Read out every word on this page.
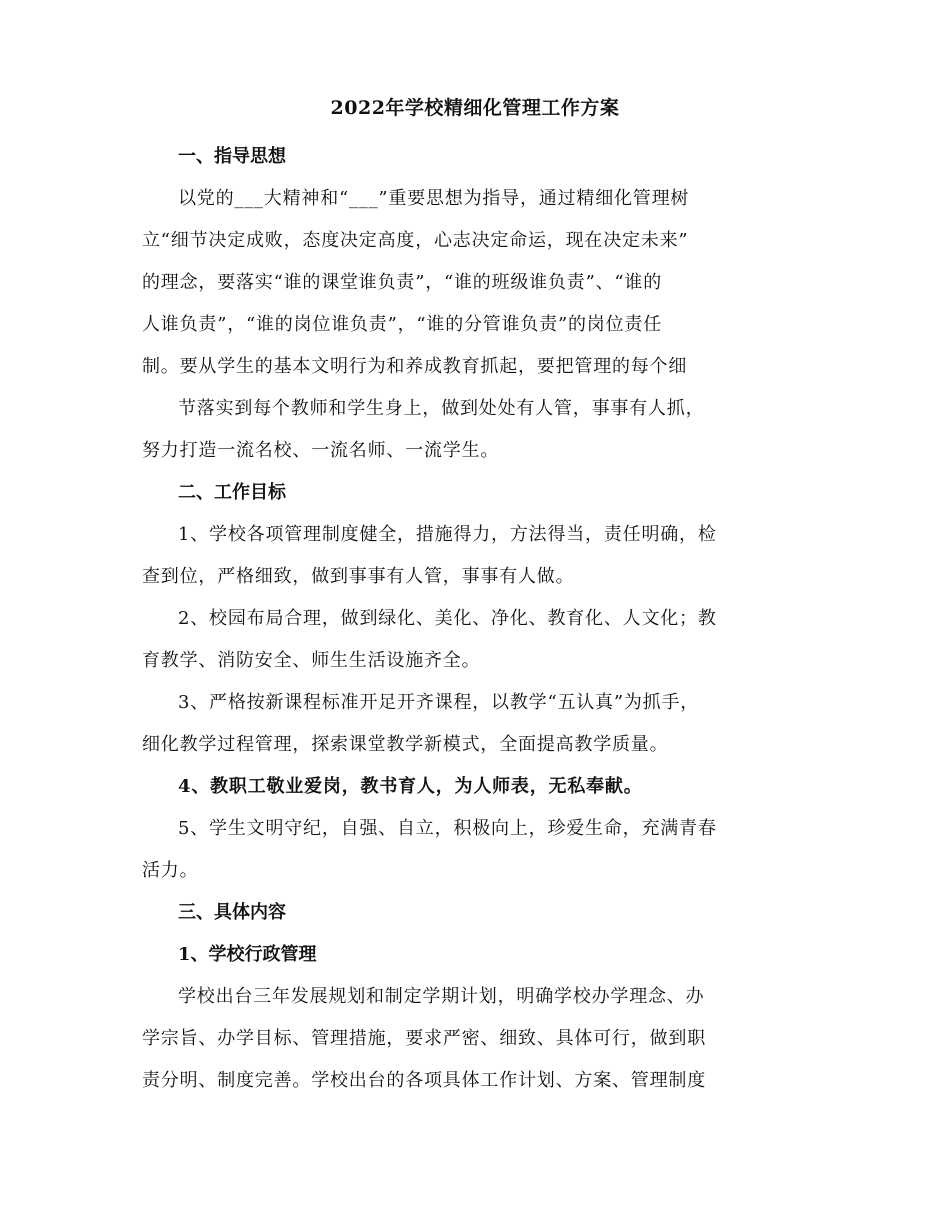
2022年学校精细化管理工作方案
一、指导思想
以党的___大精神和“___”重要思想为指导，通过精细化管理树
立“细节决定成败，态度决定高度，心志决定命运，现在决定未来”
的理念，要落实“谁的课堂谁负责”，“谁的班级谁负责”、“谁的
人谁负责”，“谁的岗位谁负责”，“谁的分管谁负责”的岗位责任
制。要从学生的基本文明行为和养成教育抓起，要把管理的每个细
节落实到每个教师和学生身上，做到处处有人管，事事有人抓，
努力打造一流名校、一流名师、一流学生。
二、工作目标
1、学校各项管理制度健全，措施得力，方法得当，责任明确，检
查到位，严格细致，做到事事有人管，事事有人做。
2、校园布局合理，做到绿化、美化、净化、教育化、人文化；教
育教学、消防安全、师生生活设施齐全。
3、严格按新课程标准开足开齐课程，以教学“五认真”为抓手，
细化教学过程管理，探索课堂教学新模式，全面提高教学质量。
4、教职工敬业爱岗，教书育人，为人师表，无私奉献。
5、学生文明守纪，自强、自立，积极向上，珍爱生命，充满青春
活力。
三、具体内容
1、学校行政管理
学校出台三年发展规划和制定学期计划，明确学校办学理念、办
学宗旨、办学目标、管理措施，要求严密、细致、具体可行，做到职
责分明、制度完善。学校出台的各项具体工作计划、方案、管理制度
